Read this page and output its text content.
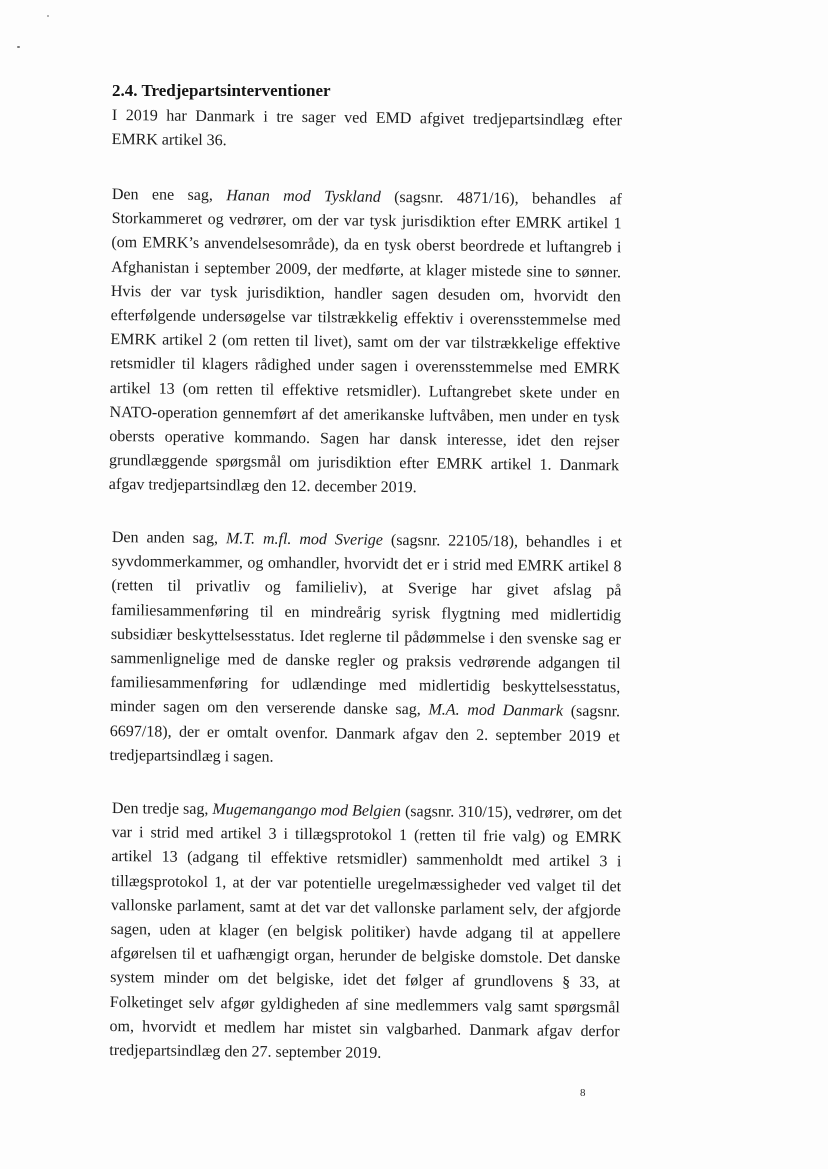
2.4. Tredjepartsinterventioner

I 2019 har Danmark i tre sager ved EMD afgivet tredjepartsindlæg efter EMRK artikel 36.

Den ene sag, Hanan mod Tyskland (sagsnr. 4871/16), behandles af Storkammeret og vedrører, om der var tysk jurisdiktion efter EMRK artikel 1 (om EMRK’s anvendelsesområde), da en tysk oberst beordrede et luftangreb i Afghanistan i september 2009, der medførte, at klager mistede sine to sønner. Hvis der var tysk jurisdiktion, handler sagen desuden om, hvorvidt den efterfølgende undersøgelse var tilstrækkelig effektiv i overensstemmelse med EMRK artikel 2 (om retten til livet), samt om der var tilstrækkelige effektive retsmidler til klagers rådighed under sagen i overensstemmelse med EMRK artikel 13 (om retten til effektive retsmidler). Luftangrebet skete under en NATO-operation gennemført af det amerikanske luftvåben, men under en tysk obersts operative kommando. Sagen har dansk interesse, idet den rejser grundlæggende spørgsmål om jurisdiktion efter EMRK artikel 1. Danmark afgav tredjepartsindlæg den 12. december 2019.

Den anden sag, M.T. m.fl. mod Sverige (sagsnr. 22105/18), behandles i et syvdommerkammer, og omhandler, hvorvidt det er i strid med EMRK artikel 8 (retten til privatliv og familieliv), at Sverige har givet afslag på familiesammenføring til en mindreårig syrisk flygtning med midlertidig subsidiær beskyttelsesstatus. Idet reglerne til pådømmelse i den svenske sag er sammenlignelige med de danske regler og praksis vedrørende adgangen til familiesammenføring for udlændinge med midlertidig beskyttelsesstatus, minder sagen om den verserende danske sag, M.A. mod Danmark (sagsnr. 6697/18), der er omtalt ovenfor. Danmark afgav den 2. september 2019 et tredjepartsindlæg i sagen.

Den tredje sag, Mugemangango mod Belgien (sagsnr. 310/15), vedrører, om det var i strid med artikel 3 i tillægsprotokol 1 (retten til frie valg) og EMRK artikel 13 (adgang til effektive retsmidler) sammenholdt med artikel 3 i tillægsprotokol 1, at der var potentielle uregelmæssigheder ved valget til det vallonske parlament, samt at det var det vallonske parlament selv, der afgjorde sagen, uden at klager (en belgisk politiker) havde adgang til at appellere afgørelsen til et uafhængigt organ, herunder de belgiske domstole. Det danske system minder om det belgiske, idet det følger af grundlovens § 33, at Folketinget selv afgør gyldigheden af sine medlemmers valg samt spørgsmål om, hvorvidt et medlem har mistet sin valgbarhed. Danmark afgav derfor tredjepartsindlæg den 27. september 2019.

8
